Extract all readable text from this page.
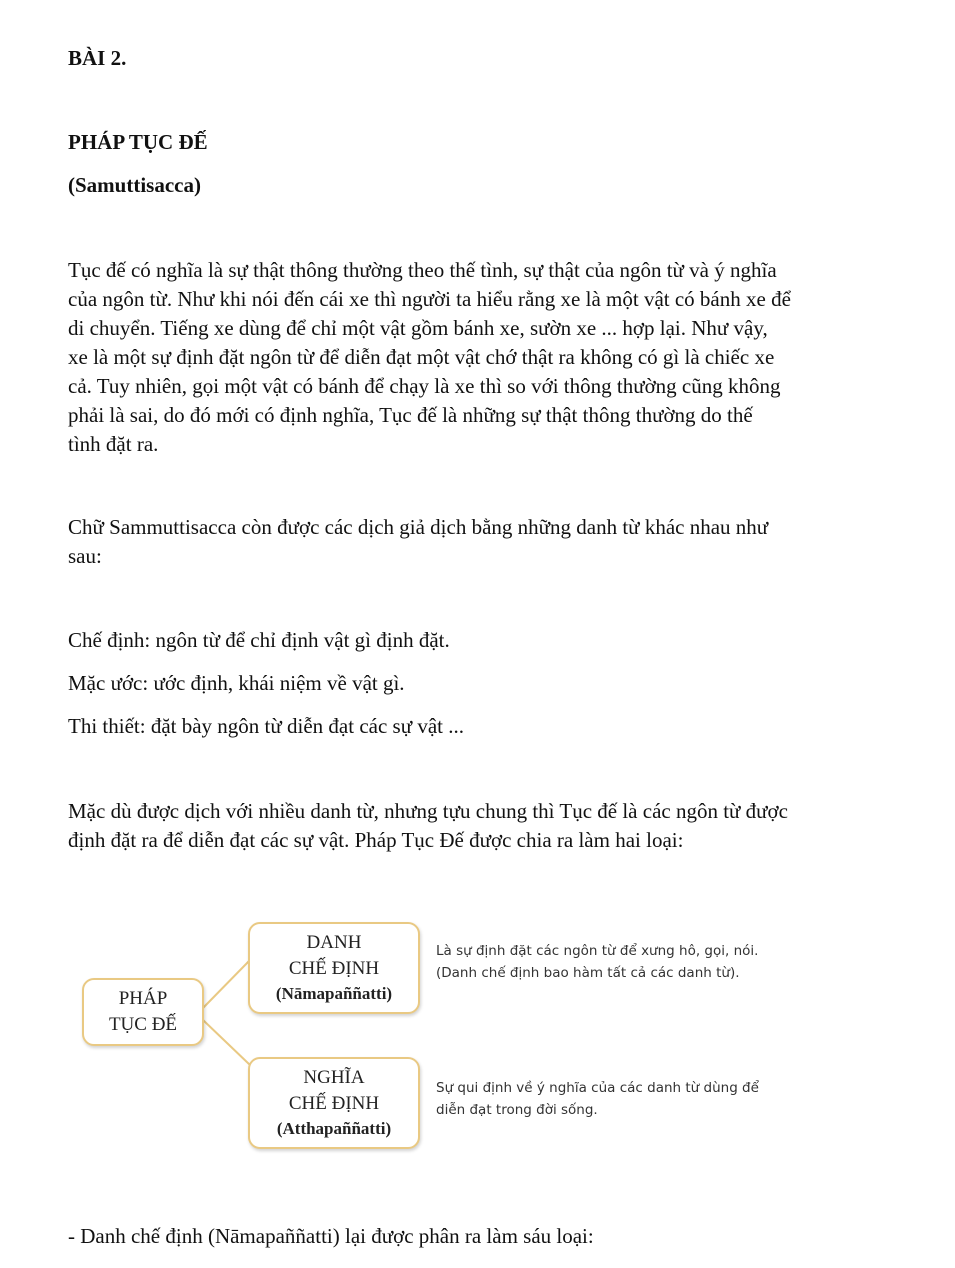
BÀI 2.
PHÁP TỤC ĐẾ
(Samuttisacca)

Tục đế có nghĩa là sự thật thông thường theo thế tình, sự thật của ngôn từ và ý nghĩa
của ngôn từ. Như khi nói đến cái xe thì người ta hiểu rằng xe là một vật có bánh xe để
di chuyển. Tiếng xe dùng để chỉ một vật gồm bánh xe, sườn xe ... hợp lại. Như vậy,
xe là một sự định đặt ngôn từ để diễn đạt một vật chớ thật ra không có gì là chiếc xe
cả. Tuy nhiên, gọi một vật có bánh để chạy là xe thì so với thông thường cũng không
phải là sai, do đó mới có định nghĩa, Tục đế là những sự thật thông thường do thế
tình đặt ra.

Chữ Sammuttisacca còn được các dịch giả dịch bằng những danh từ khác nhau như
sau:

Chế định: ngôn từ để chỉ định vật gì định đặt.

Mặc ước: ước định, khái niệm về vật gì.

Thi thiết: đặt bày ngôn từ diễn đạt các sự vật ...

Mặc dù được dịch với nhiều danh từ, nhưng tựu chung thì Tục đế là các ngôn từ được
định đặt ra để diễn đạt các sự vật. Pháp Tục Đế được chia ra làm hai loại:

PHÁP
TỤC ĐẾ
DANH
CHẾ ĐỊNH
(Nāmapaññatti)
NGHĨA
CHẾ ĐỊNH
(Atthapaññatti)
Là sự định đặt các ngôn từ để xưng hô, gọi, nói.
(Danh chế định bao hàm tất cả các danh từ).
Sự qui định về ý nghĩa của các danh từ dùng để
diễn đạt trong đời sống.

- Danh chế định (Nāmapaññatti) lại được phân ra làm sáu loại:
